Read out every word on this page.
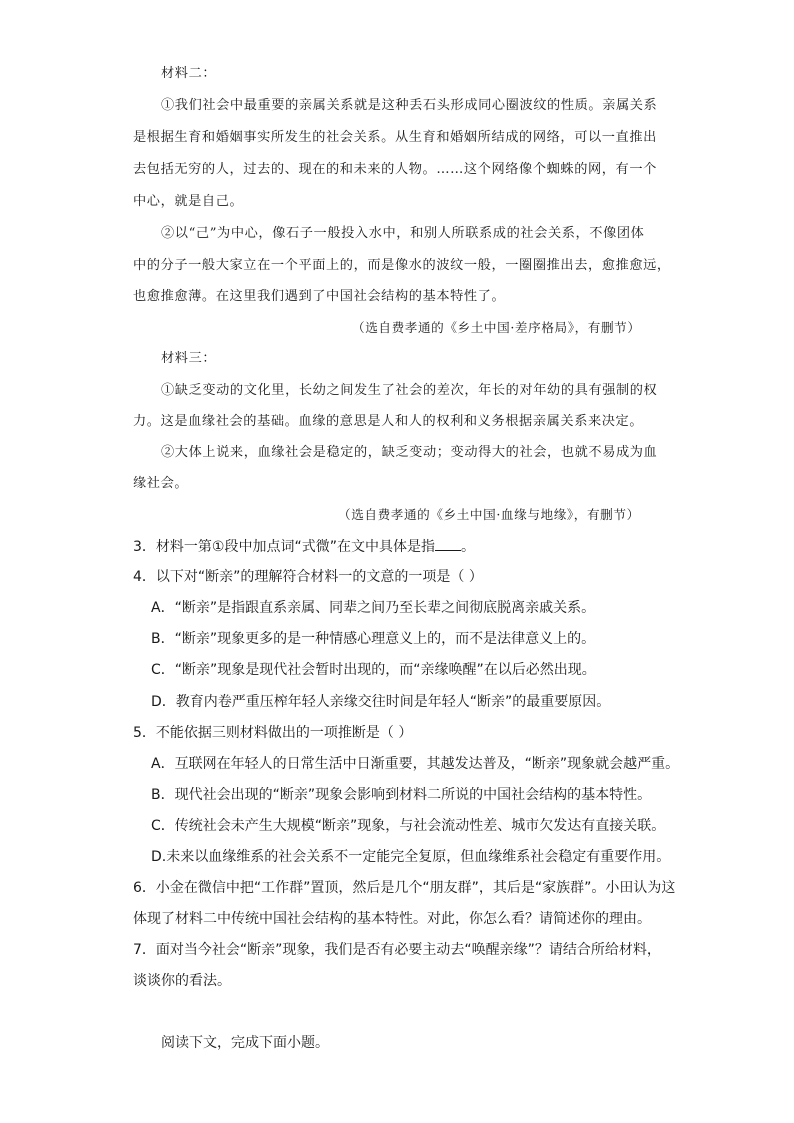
材料二：

①我们社会中最重要的亲属关系就是这种丢石头形成同心圈波纹的性质。亲属关系

是根据生育和婚姻事实所发生的社会关系。从生育和婚姻所结成的网络，可以一直推出

去包括无穷的人，过去的、现在的和未来的人物。……这个网络像个蜘蛛的网，有一个

中心，就是自己。

②以“己”为中心，像石子一般投入水中，和别人所联系成的社会关系，不像团体

中的分子一般大家立在一个平面上的，而是像水的波纹一般，一圈圈推出去，愈推愈远，

也愈推愈薄。在这里我们遇到了中国社会结构的基本特性了。

（选自费孝通的《乡土中国·差序格局》，有删节）

材料三：

①缺乏变动的文化里，长幼之间发生了社会的差次，年长的对年幼的具有强制的权

力。这是血缘社会的基础。血缘的意思是人和人的权利和义务根据亲属关系来决定。

②大体上说来，血缘社会是稳定的，缺乏变动；变动得大的社会，也就不易成为血

缘社会。

（选自费孝通的《乡土中国·血缘与地缘》，有删节）

3．材料一第①段中加点词“式微”在文中具体是指 。

4．以下对“断亲”的理解符合材料一的文意的一项是（ ）

A．“断亲”是指跟直系亲属、同辈之间乃至长辈之间彻底脱离亲戚关系。

B．“断亲”现象更多的是一种情感心理意义上的，而不是法律意义上的。

C．“断亲”现象是现代社会暂时出现的，而“亲缘唤醒”在以后必然出现。

D．教育内卷严重压榨年轻人亲缘交往时间是年轻人“断亲”的最重要原因。

5．不能依据三则材料做出的一项推断是（ ）

A．互联网在年轻人的日常生活中日渐重要，其越发达普及，“断亲”现象就会越严重。

B．现代社会出现的“断亲”现象会影响到材料二所说的中国社会结构的基本特性。

C．传统社会未产生大规模“断亲”现象，与社会流动性差、城市欠发达有直接关联。

D.未来以血缘维系的社会关系不一定能完全复原，但血缘维系社会稳定有重要作用。

6．小金在微信中把“工作群”置顶，然后是几个“朋友群”，其后是“家族群”。小田认为这

体现了材料二中传统中国社会结构的基本特性。对此，你怎么看？请简述你的理由。

7．面对当今社会“断亲”现象，我们是否有必要主动去“唤醒亲缘”？请结合所给材料，

谈谈你的看法。

阅读下文，完成下面小题。
